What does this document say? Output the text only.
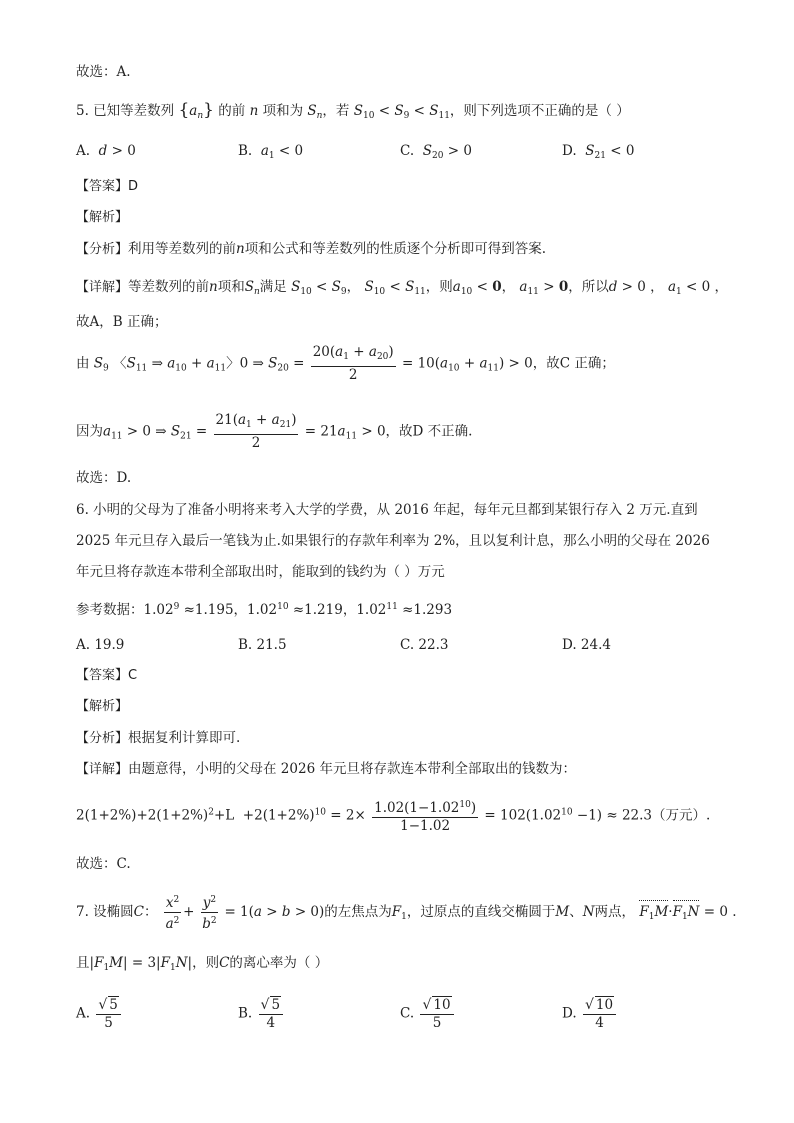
故选：A.
5. 已知等差数列 $\{a_n\}$ 的前 n 项和为 $S_n$，若 $S_{10} < S_9 < S_{11}$，则下列选项不正确的是（ ）
A. d > 0	B. $a_1 < 0$	C. $S_{20} > 0$	D. $S_{21} < 0$
【答案】D
【解析】
【分析】利用等差数列的前n项和公式和等差数列的性质逐个分析即可得到答案.
【详解】等差数列的前n项和$S_n$满足 $S_{10} < S_9$， $S_{10} < S_{11}$，则$a_{10} < 0$， $a_{11} > 0$，所以d > 0 ， $a_1 < 0$ ，
故A，B 正确；
由 $S_9$ 〈$S_{11}$ ⇒ $a_{10} + a_{11}$〉0 ⇒ $S_{20} = \frac{20(a_1 + a_{20})}{2} = 10(a_{10} + a_{11}) > 0$，故C 正确；
因为$a_{11} > 0$ ⇒ $S_{21} = \frac{21(a_1 + a_{21})}{2} = 21a_{11} > 0$，故D 不正确.
故选：D.
6. 小明的父母为了准备小明将来考入大学的学费，从 2016 年起，每年元旦都到某银行存入 2 万元.直到
2025 年元旦存入最后一笔钱为止.如果银行的存款年利率为 2%，且以复利计息，那么小明的父母在 2026
年元旦将存款连本带利全部取出时，能取到的钱约为（ ）万元
参考数据：$1.02^9 \approx 1.195$，$1.02^{10} \approx 1.219$，$1.02^{11} \approx 1.293$
A. 19.9	B. 21.5	C. 22.3	D. 24.4
【答案】C
【解析】
【分析】根据复利计算即可.
【详解】由题意得，小明的父母在 2026 年元旦将存款连本带利全部取出的钱数为：
$2(1+2\%)+2(1+2\%)^2+L +2(1+2\%)^{10} = 2\times \frac{1.02(1-1.02^{10})}{1-1.02} = 102(1.02^{10} -1) \approx 22.3$（万元）.
故选：C.
7. 设椭圆C： $\frac{x^2}{a^2} + \frac{y^2}{b^2} = 1(a > b > 0)$的左焦点为$F_1$，过原点的直线交椭圆于M、N两点， $F_1M\cdot F_1N = 0$ .
且$|F_1M| = 3|F_1N|$，则C的离心率为（ ）
A. $\frac{√ 5}{5}$	B. $\frac{√ 5}{4}$	C. $\frac{√ 10}{5}$	D. $\frac{√ 10}{4}$
